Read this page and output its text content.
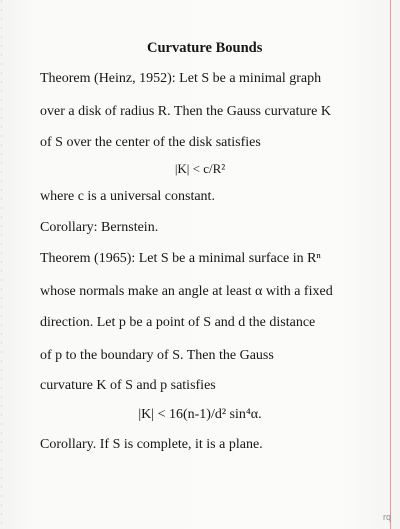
Curvature Bounds
Theorem (Heinz, 1952): Let S be a minimal graph
over a disk of radius R. Then the Gauss curvature K
of S over the center of the disk satisfies
|K| < c/R²
where c is a universal constant.
Corollary: Bernstein.
Theorem (1965): Let S be a minimal surface in Rⁿ
whose normals make an angle at least α with a fixed
direction. Let p be a point of S and d the distance
of p to the boundary of S. Then the Gauss
curvature K of S and p satisfies
|K| < 16(n-1)/d² sin⁴α.
Corollary. If S is complete, it is a plane.
rq
